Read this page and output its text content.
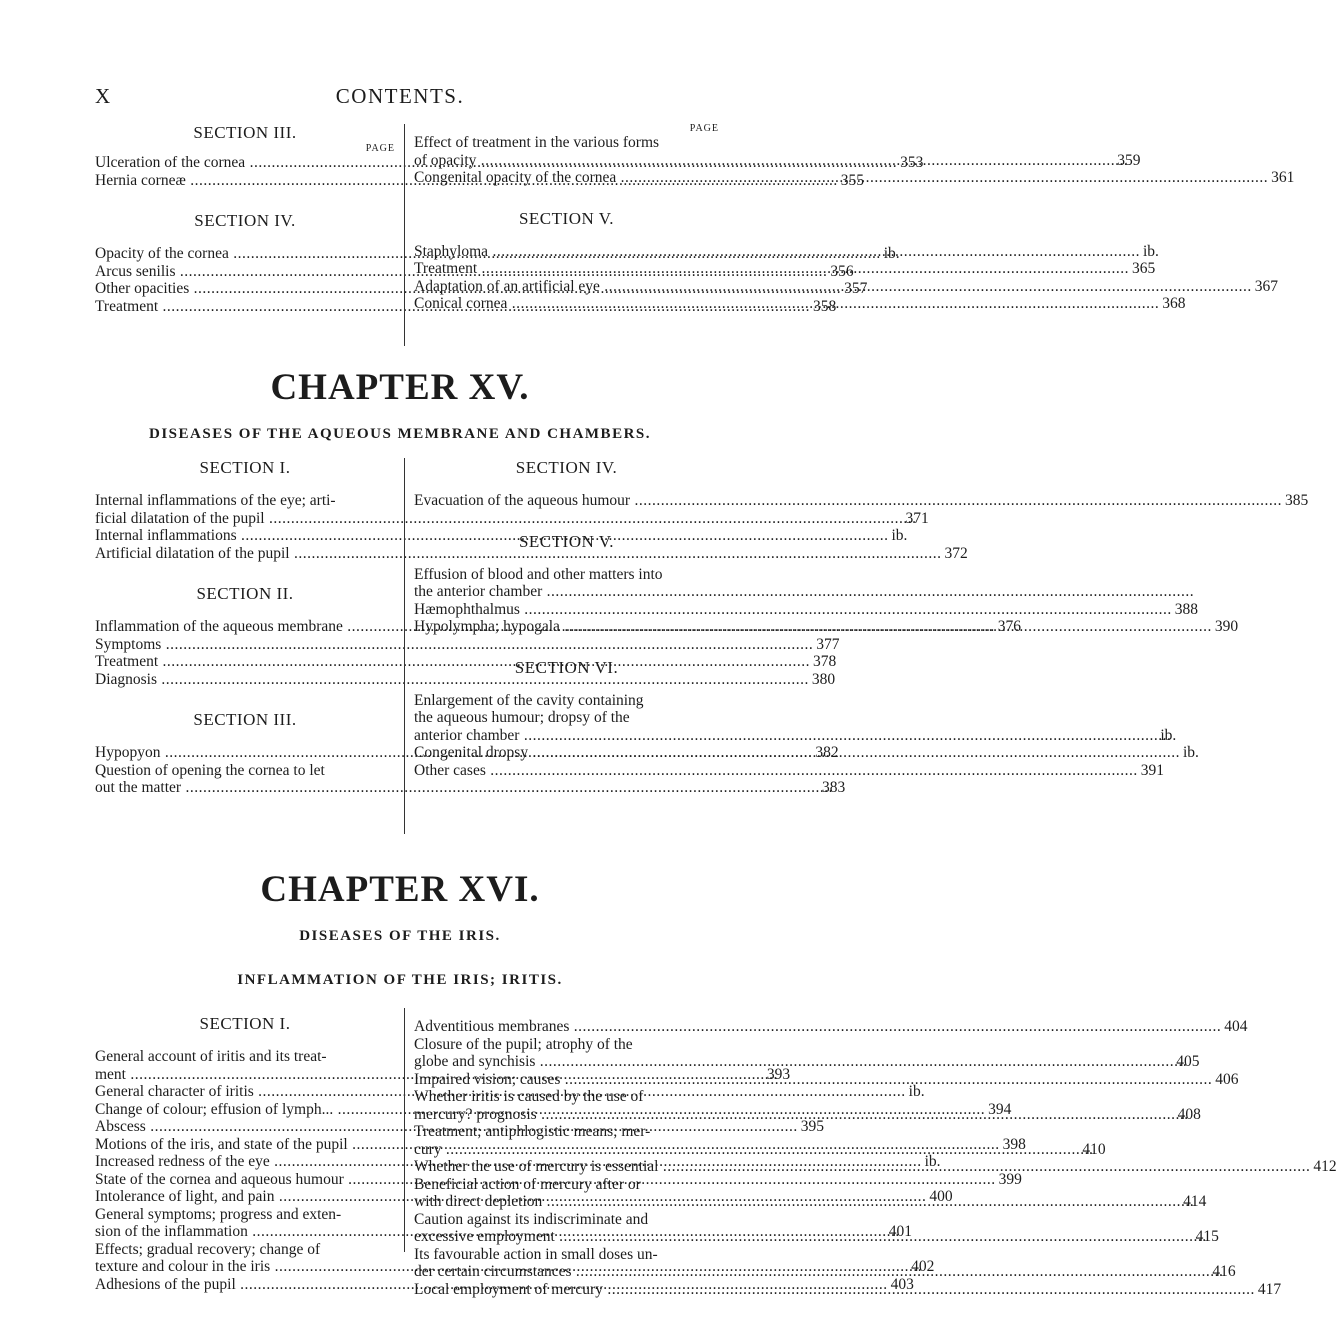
X	CONTENTS.

SECTION III.

PAGE

Ulceration of the cornea .....	353
Hernia corneæ .....	355

SECTION IV.

Opacity of the cornea .....	ib.
Arcus senilis .....	356
Other opacities .....	357
Treatment .....	358

PAGE

Effect of treatment in the various forms
of opacity .....	359
Congenital opacity of the cornea .....	361

SECTION V.

Staphyloma .....	ib.
Treatment .....	365
Adaptation of an artificial eye .....	367
Conical cornea .....	368
CHAPTER XV.
DISEASES OF THE AQUEOUS MEMBRANE AND CHAMBERS.

SECTION I.

Internal inflammations of the eye; arti-
ficial dilatation of the pupil .....	371
Internal inflammations .....	ib.
Artificial dilatation of the pupil .....	372

SECTION II.

Inflammation of the aqueous membrane .....	376
Symptoms .....	377
Treatment .....	378
Diagnosis .....	380

SECTION III.

Hypopyon .....	382
Question of opening the cornea to let
out the matter .....	383

SECTION IV.

Evacuation of the aqueous humour .....	385

SECTION V.

Effusion of blood and other matters into
the anterior chamber .....
Hæmophthalmus .....	388
Hypolympha; hypogala .....	390

SECTION VI.

Enlargement of the cavity containing
the aqueous humour; dropsy of the
anterior chamber .....	ib.
Congenital dropsy .....	ib.
Other cases .....	391
CHAPTER XVI.
DISEASES OF THE IRIS.
INFLAMMATION OF THE IRIS; IRITIS.

SECTION I.

General account of iritis and its treat-
ment .....	393
General character of iritis .....	ib.
Change of colour; effusion of lymph... .....	394
Abscess .....	395
Motions of the iris, and state of the pupil .....	398
Increased redness of the eye .....	ib.
State of the cornea and aqueous humour .....	399
Intolerance of light, and pain .....	400
General symptoms; progress and exten-
sion of the inflammation .....	401
Effects; gradual recovery; change of
texture and colour in the iris .....	402
Adhesions of the pupil .....	403
Adventitious membranes .....	404
Closure of the pupil; atrophy of the
globe and synchisis .....	405
Impaired vision; causes .....	406
Whether iritis is caused by the use of
mercury? prognosis .....	408
Treatment; antiphlogistic means; mer-
cury .....	410
Whether the use of mercury is essential .....	412
Beneficial action of mercury after or
with direct depletion .....	414
Caution against its indiscriminate and
excessive employment .....	415
Its favourable action in small doses un-
der certain circumstances .....	416
Local employment of mercury .....	417
